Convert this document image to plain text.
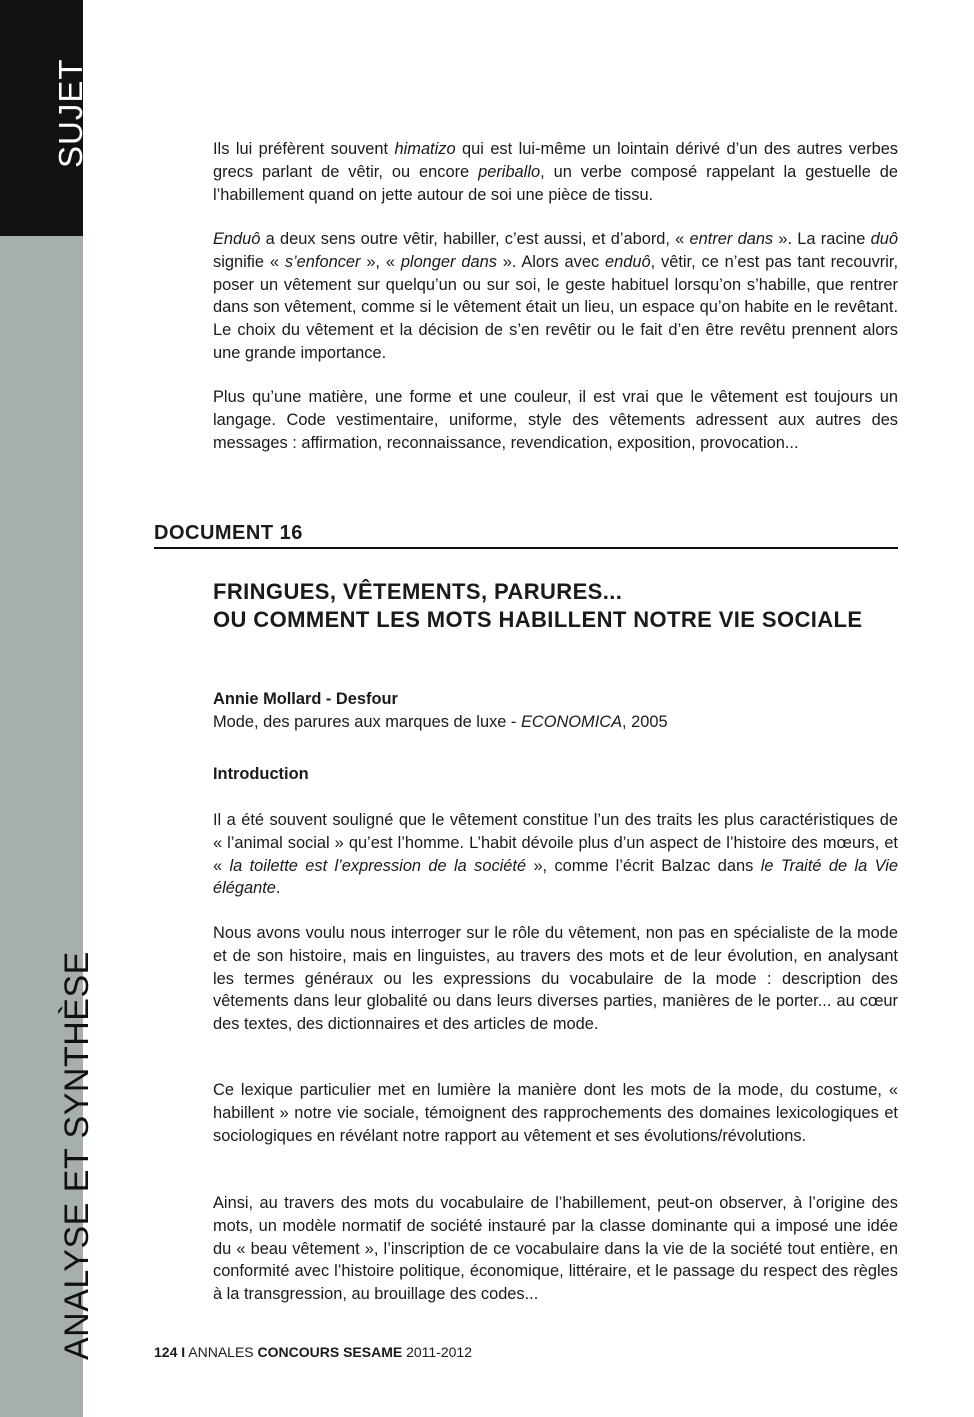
SUJET
ANALYSE ET SYNTHÈSE

Ils lui préfèrent souvent himatizo qui est lui-même un lointain dérivé d’un des autres verbes grecs parlant de vêtir, ou encore periballo, un verbe composé rappelant la gestuelle de l’habillement quand on jette autour de soi une pièce de tissu.

Enduô a deux sens outre vêtir, habiller, c’est aussi, et d’abord, « entrer dans ». La racine duô signifie « s’enfoncer », « plonger dans ». Alors avec enduô, vêtir, ce n’est pas tant recouvrir, poser un vêtement sur quelqu’un ou sur soi, le geste habituel lorsqu’on s’habille, que rentrer dans son vêtement, comme si le vêtement était un lieu, un espace qu’on habite en le revêtant. Le choix du vêtement et la décision de s’en revêtir ou le fait d’en être revêtu prennent alors une grande importance.

Plus qu’une matière, une forme et une couleur, il est vrai que le vêtement est toujours un langage. Code vestimentaire, uniforme, style des vêtements adressent aux autres des messages : affirmation, reconnaissance, revendication, exposition, provocation...

DOCUMENT 16
FRINGUES, VÊTEMENTS, PARURES...
OU COMMENT LES MOTS HABILLENT NOTRE VIE SOCIALE
Annie Mollard - Desfour
Mode, des parures aux marques de luxe - ECONOMICA, 2005
Introduction

Il a été souvent souligné que le vêtement constitue l’un des traits les plus caractéristiques de « l’animal social » qu’est l’homme. L’habit dévoile plus d’un aspect de l’histoire des mœurs, et « la toilette est l’expression de la société », comme l’écrit Balzac dans le Traité de la Vie élégante.

Nous avons voulu nous interroger sur le rôle du vêtement, non pas en spécialiste de la mode et de son histoire, mais en linguistes, au travers des mots et de leur évolution, en analysant les termes généraux ou les expressions du vocabulaire de la mode : description des vêtements dans leur globalité ou dans leurs diverses parties, manières de le porter... au cœur des textes, des dictionnaires et des articles de mode.

Ce lexique particulier met en lumière la manière dont les mots de la mode, du costume, « habillent » notre vie sociale, témoignent des rapprochements des domaines lexicologiques et sociologiques en révélant notre rapport au vêtement et ses évolutions/révolutions.

Ainsi, au travers des mots du vocabulaire de l’habillement, peut-on observer, à l’origine des mots, un modèle normatif de société instauré par la classe dominante qui a imposé une idée du « beau vêtement », l’inscription de ce vocabulaire dans la vie de la société tout entière, en conformité avec l’histoire politique, économique, littéraire, et le passage du respect des règles à la transgression, au brouillage des codes...

124 I ANNALES CONCOURS SESAME 2011-2012
